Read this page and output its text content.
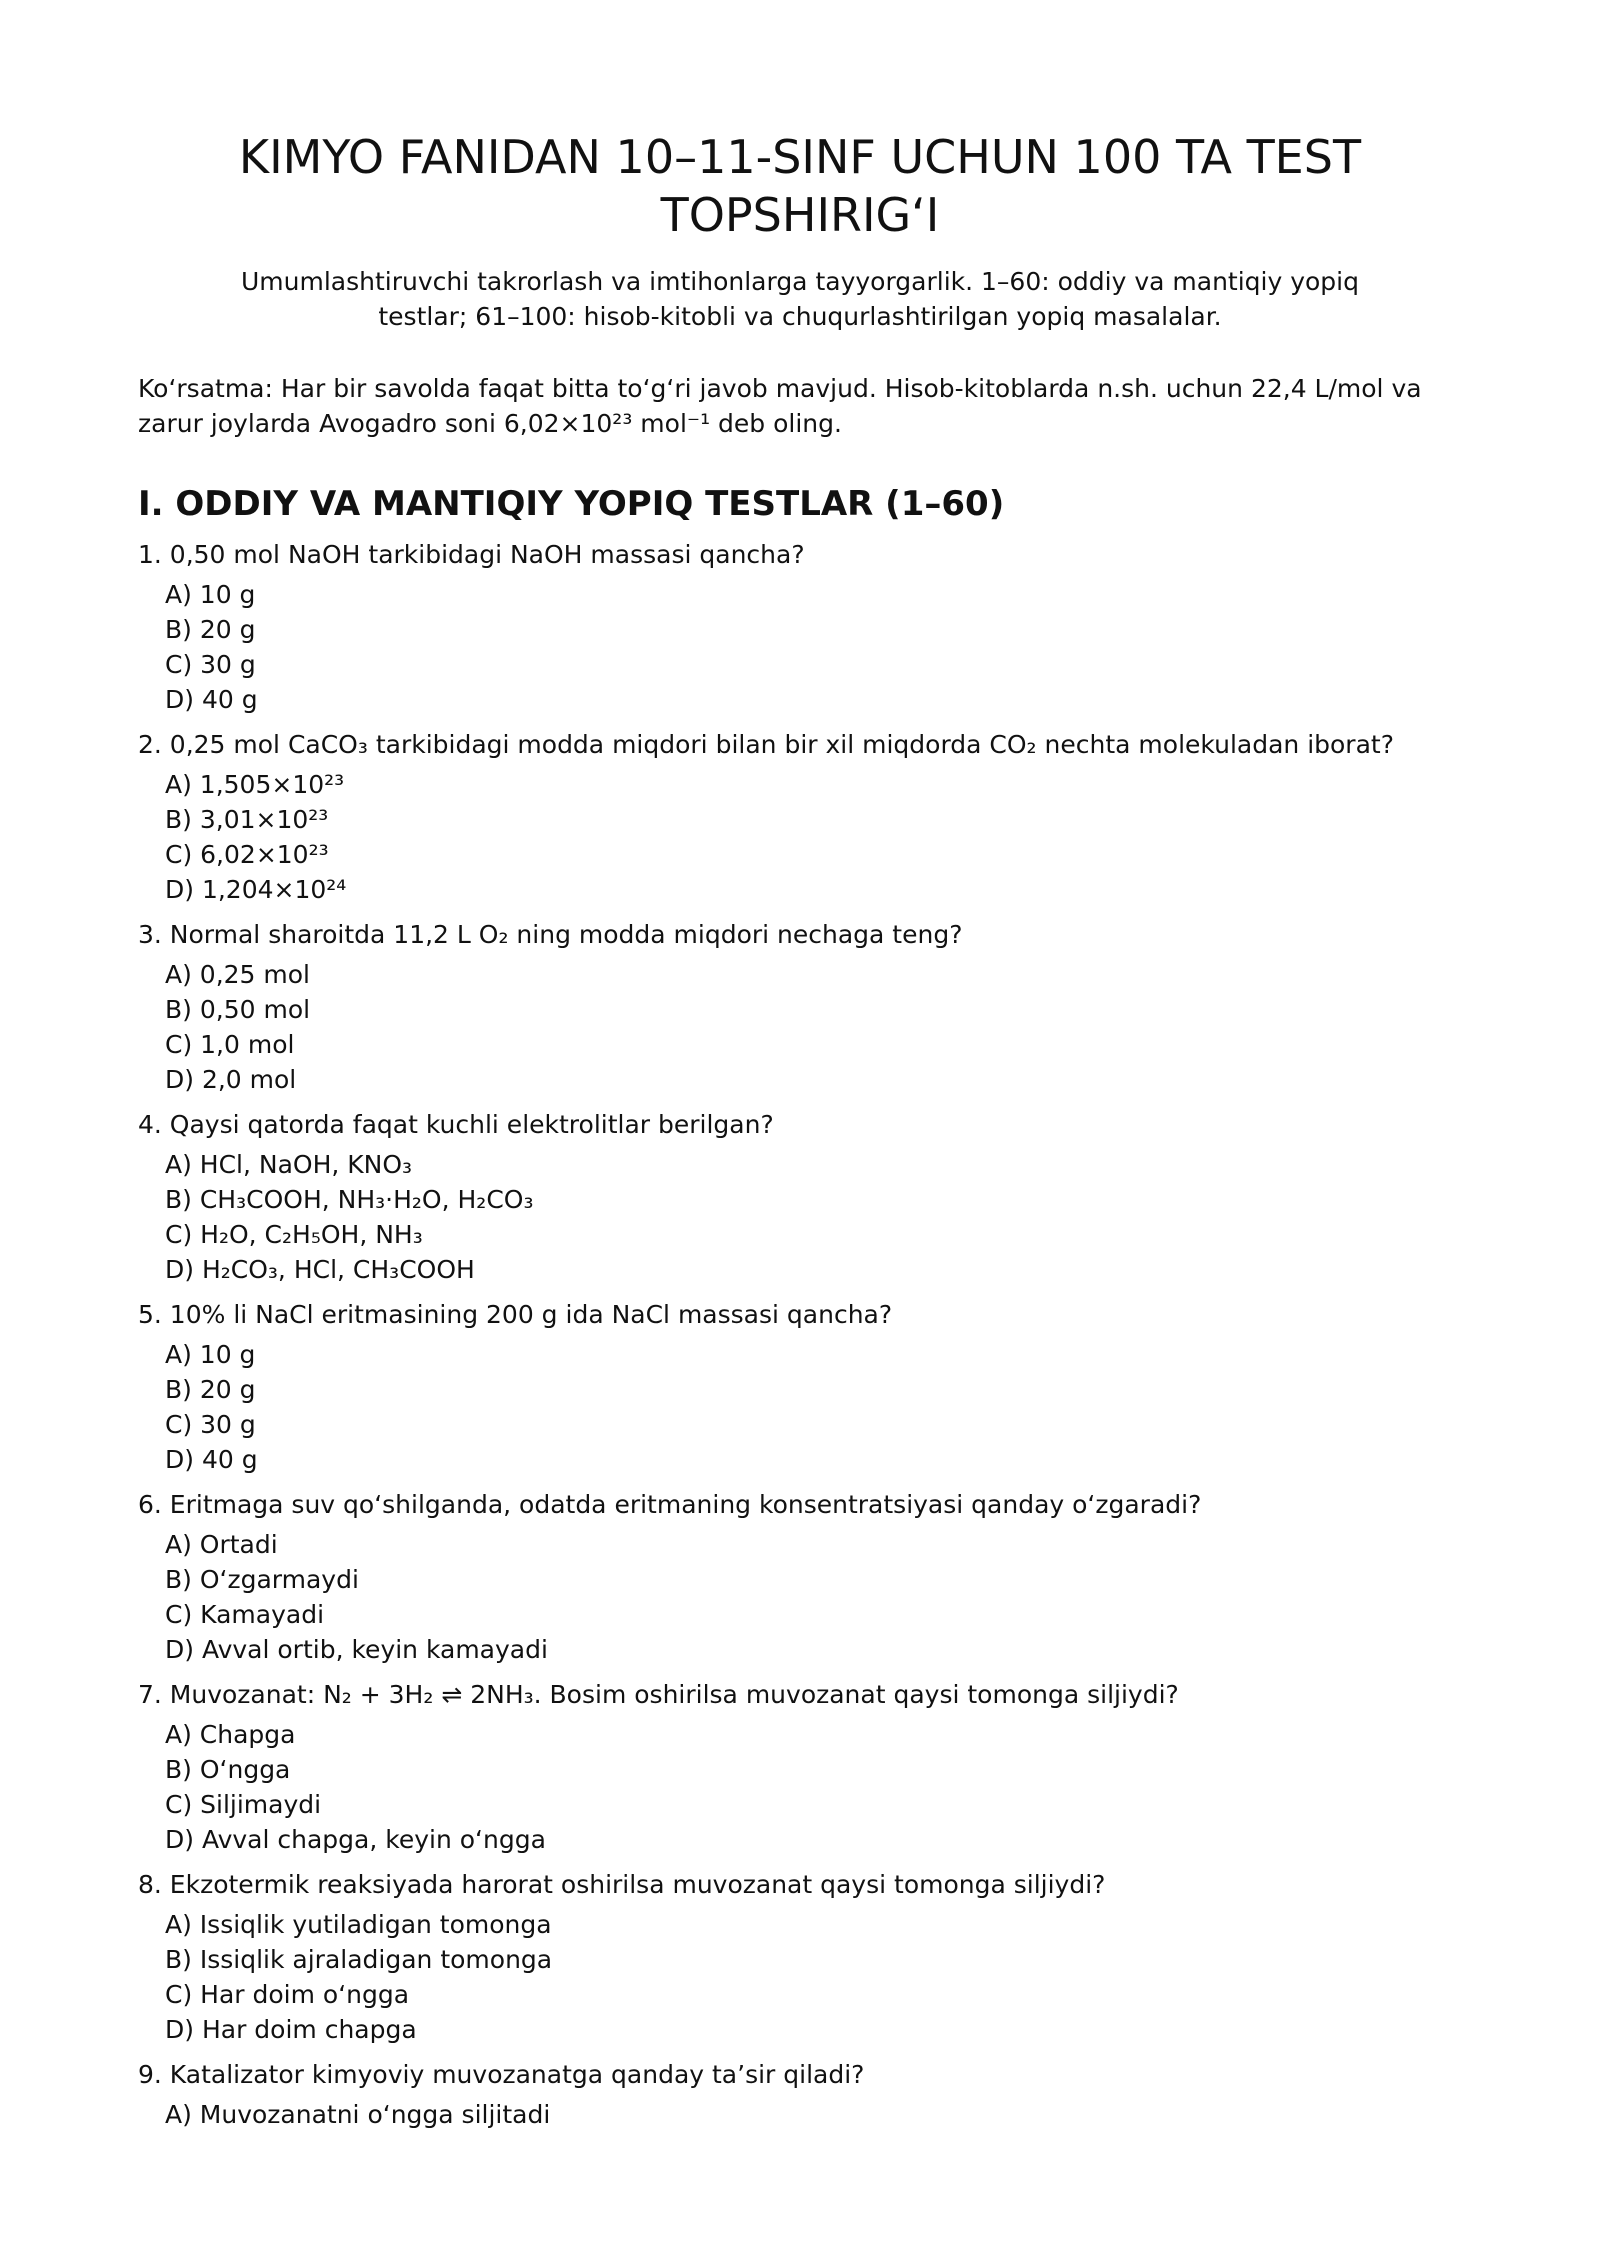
KIMYO FANIDAN 10–11-SINF UCHUN 100 TA TEST TOPSHIRIG‘I
Umumlashtiruvchi takrorlash va imtihonlarga tayyorgarlik. 1–60: oddiy va mantiqiy yopiq testlar; 61–100: hisob-kitobli va chuqurlashtirilgan yopiq masalalar.
Ko‘rsatma: Har bir savolda faqat bitta to‘g‘ri javob mavjud. Hisob-kitoblarda n.sh. uchun 22,4 L/mol va zarur joylarda Avogadro soni 6,02×10²³ mol⁻¹ deb oling.
I. ODDIY VA MANTIQIY YOPIQ TESTLAR (1–60)
1. 0,50 mol NaOH tarkibidagi NaOH massasi qancha?
A) 10 g
B) 20 g
C) 30 g
D) 40 g
2. 0,25 mol CaCO₃ tarkibidagi modda miqdori bilan bir xil miqdorda CO₂ nechta molekuladan iborat?
A) 1,505×10²³
B) 3,01×10²³
C) 6,02×10²³
D) 1,204×10²⁴
3. Normal sharoitda 11,2 L O₂ ning modda miqdori nechaga teng?
A) 0,25 mol
B) 0,50 mol
C) 1,0 mol
D) 2,0 mol
4. Qaysi qatorda faqat kuchli elektrolitlar berilgan?
A) HCl, NaOH, KNO₃
B) CH₃COOH, NH₃·H₂O, H₂CO₃
C) H₂O, C₂H₅OH, NH₃
D) H₂CO₃, HCl, CH₃COOH
5. 10% li NaCl eritmasining 200 g ida NaCl massasi qancha?
A) 10 g
B) 20 g
C) 30 g
D) 40 g
6. Eritmaga suv qo‘shilganda, odatda eritmaning konsentratsiyasi qanday o‘zgaradi?
A) Ortadi
B) O‘zgarmaydi
C) Kamayadi
D) Avval ortib, keyin kamayadi
7. Muvozanat: N₂ + 3H₂ ⇌ 2NH₃. Bosim oshirilsa muvozanat qaysi tomonga siljiydi?
A) Chapga
B) O‘ngga
C) Siljimaydi
D) Avval chapga, keyin o‘ngga
8. Ekzotermik reaksiyada harorat oshirilsa muvozanat qaysi tomonga siljiydi?
A) Issiqlik yutiladigan tomonga
B) Issiqlik ajraladigan tomonga
C) Har doim o‘ngga
D) Har doim chapga
9. Katalizator kimyoviy muvozanatga qanday ta’sir qiladi?
A) Muvozanatni o‘ngga siljitadi
